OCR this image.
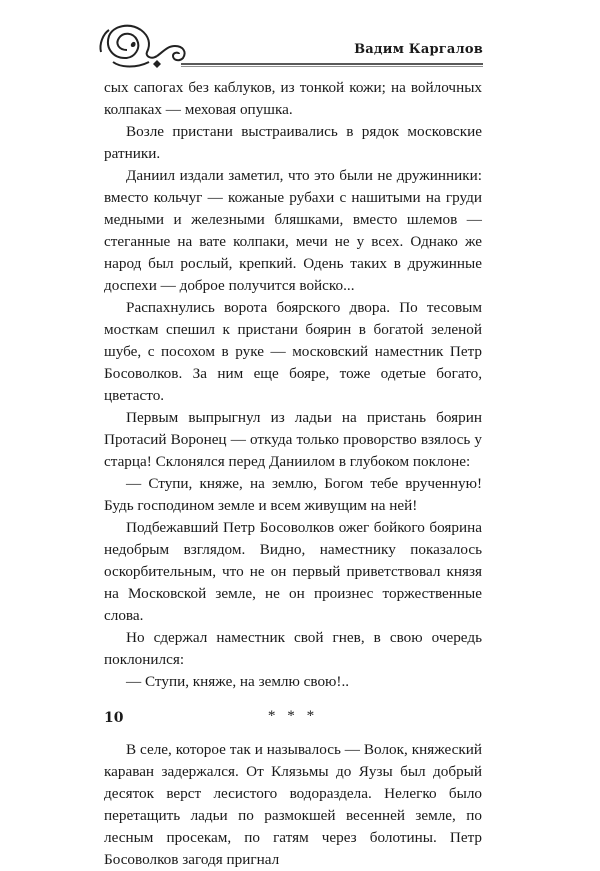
Вадим Каргалов

сых сапогах без каблуков, из тонкой кожи; на войлочных колпаках — меховая опушка.

Возле пристани выстраивались в рядок московские ратники.

Даниил издали заметил, что это были не дружинники: вместо кольчуг — кожаные рубахи с нашитыми на груди медными и железными бляшками, вместо шлемов — стеганные на вате колпаки, мечи не у всех. Однако же народ был рослый, крепкий. Одень таких в дружинные доспехи — доброе получится войско...

Распахнулись ворота боярского двора. По тесовым мосткам спешил к пристани боярин в богатой зеленой шубе, с посохом в руке — московский наместник Петр Босоволков. За ним еще бояре, тоже одетые богато, цветасто.

Первым выпрыгнул из ладьи на пристань боярин Протасий Воронец — откуда только проворство взялось у старца! Склонялся перед Даниилом в глубоком поклоне:

— Ступи, княже, на землю, Богом тебе врученную! Будь господином земле и всем живущим на ней!

Подбежавший Петр Босоволков ожег бойкого боярина недобрым взглядом. Видно, наместнику показалось оскорбительным, что не он первый приветствовал князя на Московской земле, не он произнес торжественные слова.

Но сдержал наместник свой гнев, в свою очередь поклонился:

— Ступи, княже, на землю свою!..

* * *

В селе, которое так и называлось — Волок, княжеский караван задержался. От Клязьмы до Яузы был добрый десяток верст лесистого водораздела. Нелегко было перетащить ладьи по размокшей весенней земле, по лесным просекам, по гатям через болотины. Петр Босоволков загодя пригнал

10
